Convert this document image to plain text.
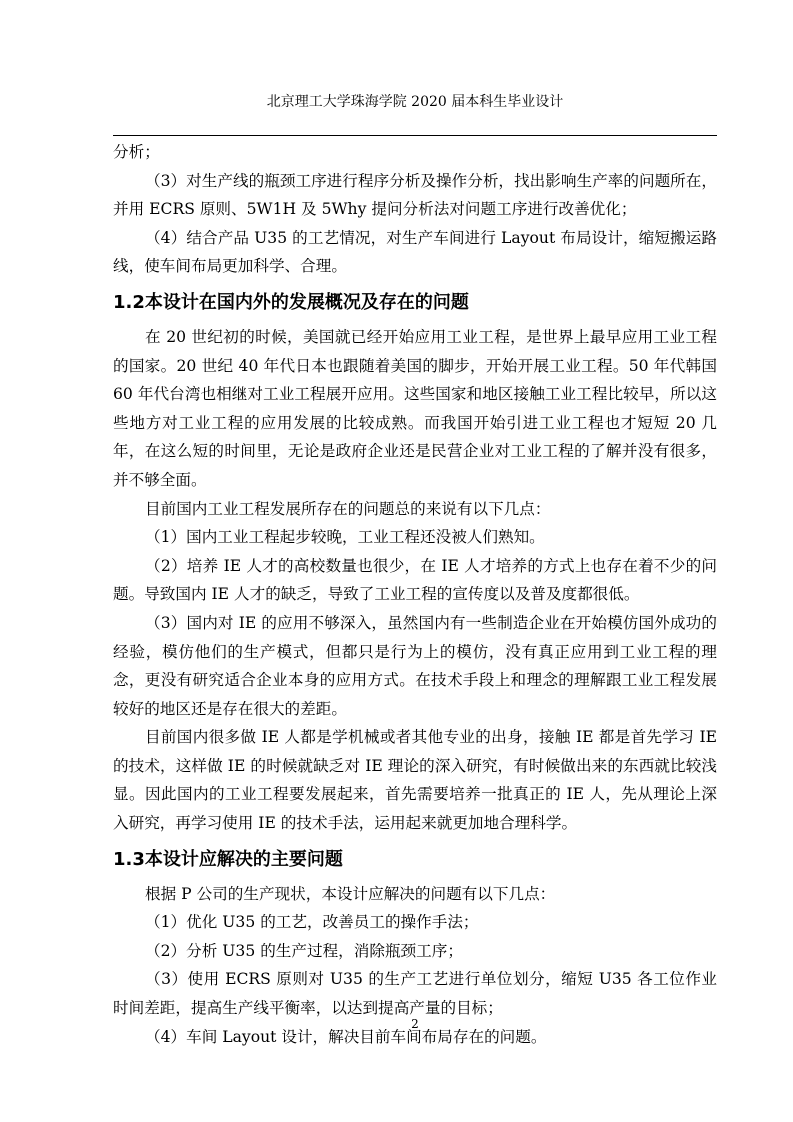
北京理工大学珠海学院 2020 届本科生毕业设计

分析；

（3）对生产线的瓶颈工序进行程序分析及操作分析，找出影响生产率的问题所在，并用 ECRS 原则、5W1H 及 5Why 提问分析法对问题工序进行改善优化；

（4）结合产品 U35 的工艺情况，对生产车间进行 Layout 布局设计，缩短搬运路线，使车间布局更加科学、合理。

1.2本设计在国内外的发展概况及存在的问题

在 20 世纪初的时候，美国就已经开始应用工业工程，是世界上最早应用工业工程的国家。20 世纪 40 年代日本也跟随着美国的脚步，开始开展工业工程。50 年代韩国 60 年代台湾也相继对工业工程展开应用。这些国家和地区接触工业工程比较早，所以这些地方对工业工程的应用发展的比较成熟。而我国开始引进工业工程也才短短 20 几年，在这么短的时间里，无论是政府企业还是民营企业对工业工程的了解并没有很多，并不够全面。

目前国内工业工程发展所存在的问题总的来说有以下几点：

（1）国内工业工程起步较晚，工业工程还没被人们熟知。

（2）培养 IE 人才的高校数量也很少，在 IE 人才培养的方式上也存在着不少的问题。导致国内 IE 人才的缺乏，导致了工业工程的宣传度以及普及度都很低。

（3）国内对 IE 的应用不够深入，虽然国内有一些制造企业在开始模仿国外成功的经验，模仿他们的生产模式，但都只是行为上的模仿，没有真正应用到工业工程的理念，更没有研究适合企业本身的应用方式。在技术手段上和理念的理解跟工业工程发展较好的地区还是存在很大的差距。

目前国内很多做 IE 人都是学机械或者其他专业的出身，接触 IE 都是首先学习 IE 的技术，这样做 IE 的时候就缺乏对 IE 理论的深入研究，有时候做出来的东西就比较浅显。因此国内的工业工程要发展起来，首先需要培养一批真正的 IE 人，先从理论上深入研究，再学习使用 IE 的技术手法，运用起来就更加地合理科学。

1.3本设计应解决的主要问题

根据 P 公司的生产现状，本设计应解决的问题有以下几点：

（1）优化 U35 的工艺，改善员工的操作手法；

（2）分析 U35 的生产过程，消除瓶颈工序；

（3）使用 ECRS 原则对 U35 的生产工艺进行单位划分，缩短 U35 各工位作业时间差距，提高生产线平衡率，以达到提高产量的目标；

（4）车间 Layout 设计，解决目前车间布局存在的问题。

2
